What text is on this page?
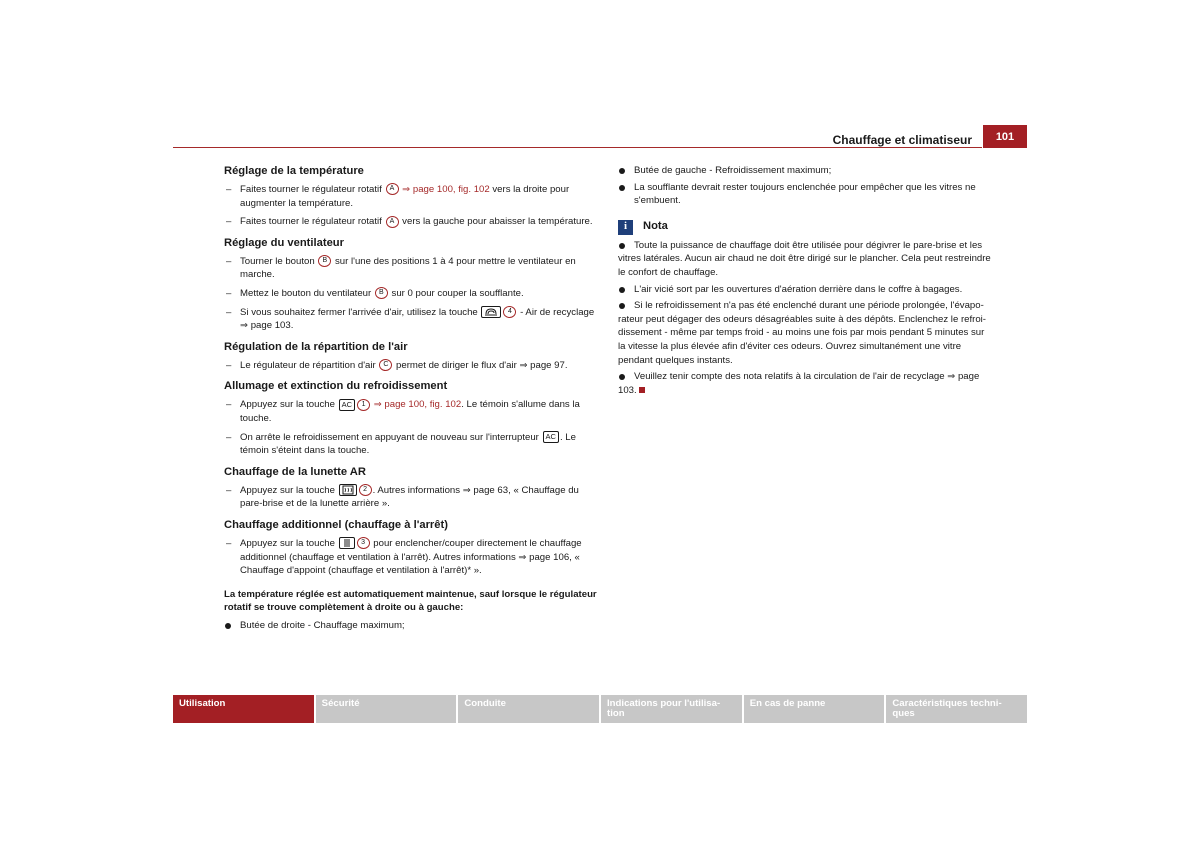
Chauffage et climatiseur	101
Réglage de la température
– Faites tourner le régulateur rotatif A ⇒ page 100, fig. 102 vers la droite pour augmenter la température.
– Faites tourner le régulateur rotatif A vers la gauche pour abaisser la température.
Réglage du ventilateur
– Tourner le bouton B sur l'une des positions 1 à 4 pour mettre le ventilateur en marche.
– Mettez le bouton du ventilateur B sur 0 pour couper la soufflante.
– Si vous souhaitez fermer l'arrivée d'air, utilisez la touche	4 - Air de recyclage ⇒ page 103.
Régulation de la répartition de l'air
– Le régulateur de répartition d'air C permet de diriger le flux d'air ⇒ page 97.
Allumage et extinction du refroidissement
– Appuyez sur la touche AC 1 ⇒ page 100, fig. 102. Le témoin s'allume dans la touche.
– On arrête le refroidissement en appuyant de nouveau sur l'interrupteur AC . Le témoin s'éteint dans la touche.
Chauffage de la lunette AR
– Appuyez sur la touche	2 . Autres informations ⇒ page 63, « Chauffage du pare-brise et de la lunette arrière ».
Chauffage additionnel (chauffage à l'arrêt)
– Appuyez sur la touche	3 pour enclencher/couper directement le chauffage additionnel (chauffage et ventilation à l'arrêt). Autres informations ⇒ page 106, « Chauffage d'appoint (chauffage et ventilation à l'arrêt)* ».
La température réglée est automatiquement maintenue, sauf lorsque le régulateur rotatif se trouve complètement à droite ou à gauche:
Butée de droite - Chauffage maximum;
Butée de gauche - Refroidissement maximum;
La soufflante devrait rester toujours enclenchée pour empêcher que les vitres ne s'embuent.
i	Nota
Toute la puissance de chauffage doit être utilisée pour dégivrer le pare-brise et les vitres latérales. Aucun air chaud ne doit être dirigé sur le plancher. Cela peut restreindre le confort de chauffage.
L'air vicié sort par les ouvertures d'aération derrière dans le coffre à bagages.
Si le refroidissement n'a pas été enclenché durant une période prolongée, l'évapo-rateur peut dégager des odeurs désagréables suite à des dépôts. Enclenchez le refroi-dissement - même par temps froid - au moins une fois par mois pendant 5 minutes sur la vitesse la plus élevée afin d'éviter ces odeurs. Ouvrez simultanément une vitre pendant quelques instants.
Veuillez tenir compte des nota relatifs à la circulation de l'air de recyclage ⇒ page 103.
Utilisation	Sécurité	Conduite	Indications pour l'utilisa-tion
En cas de panne	Caractéristiques techni-ques
